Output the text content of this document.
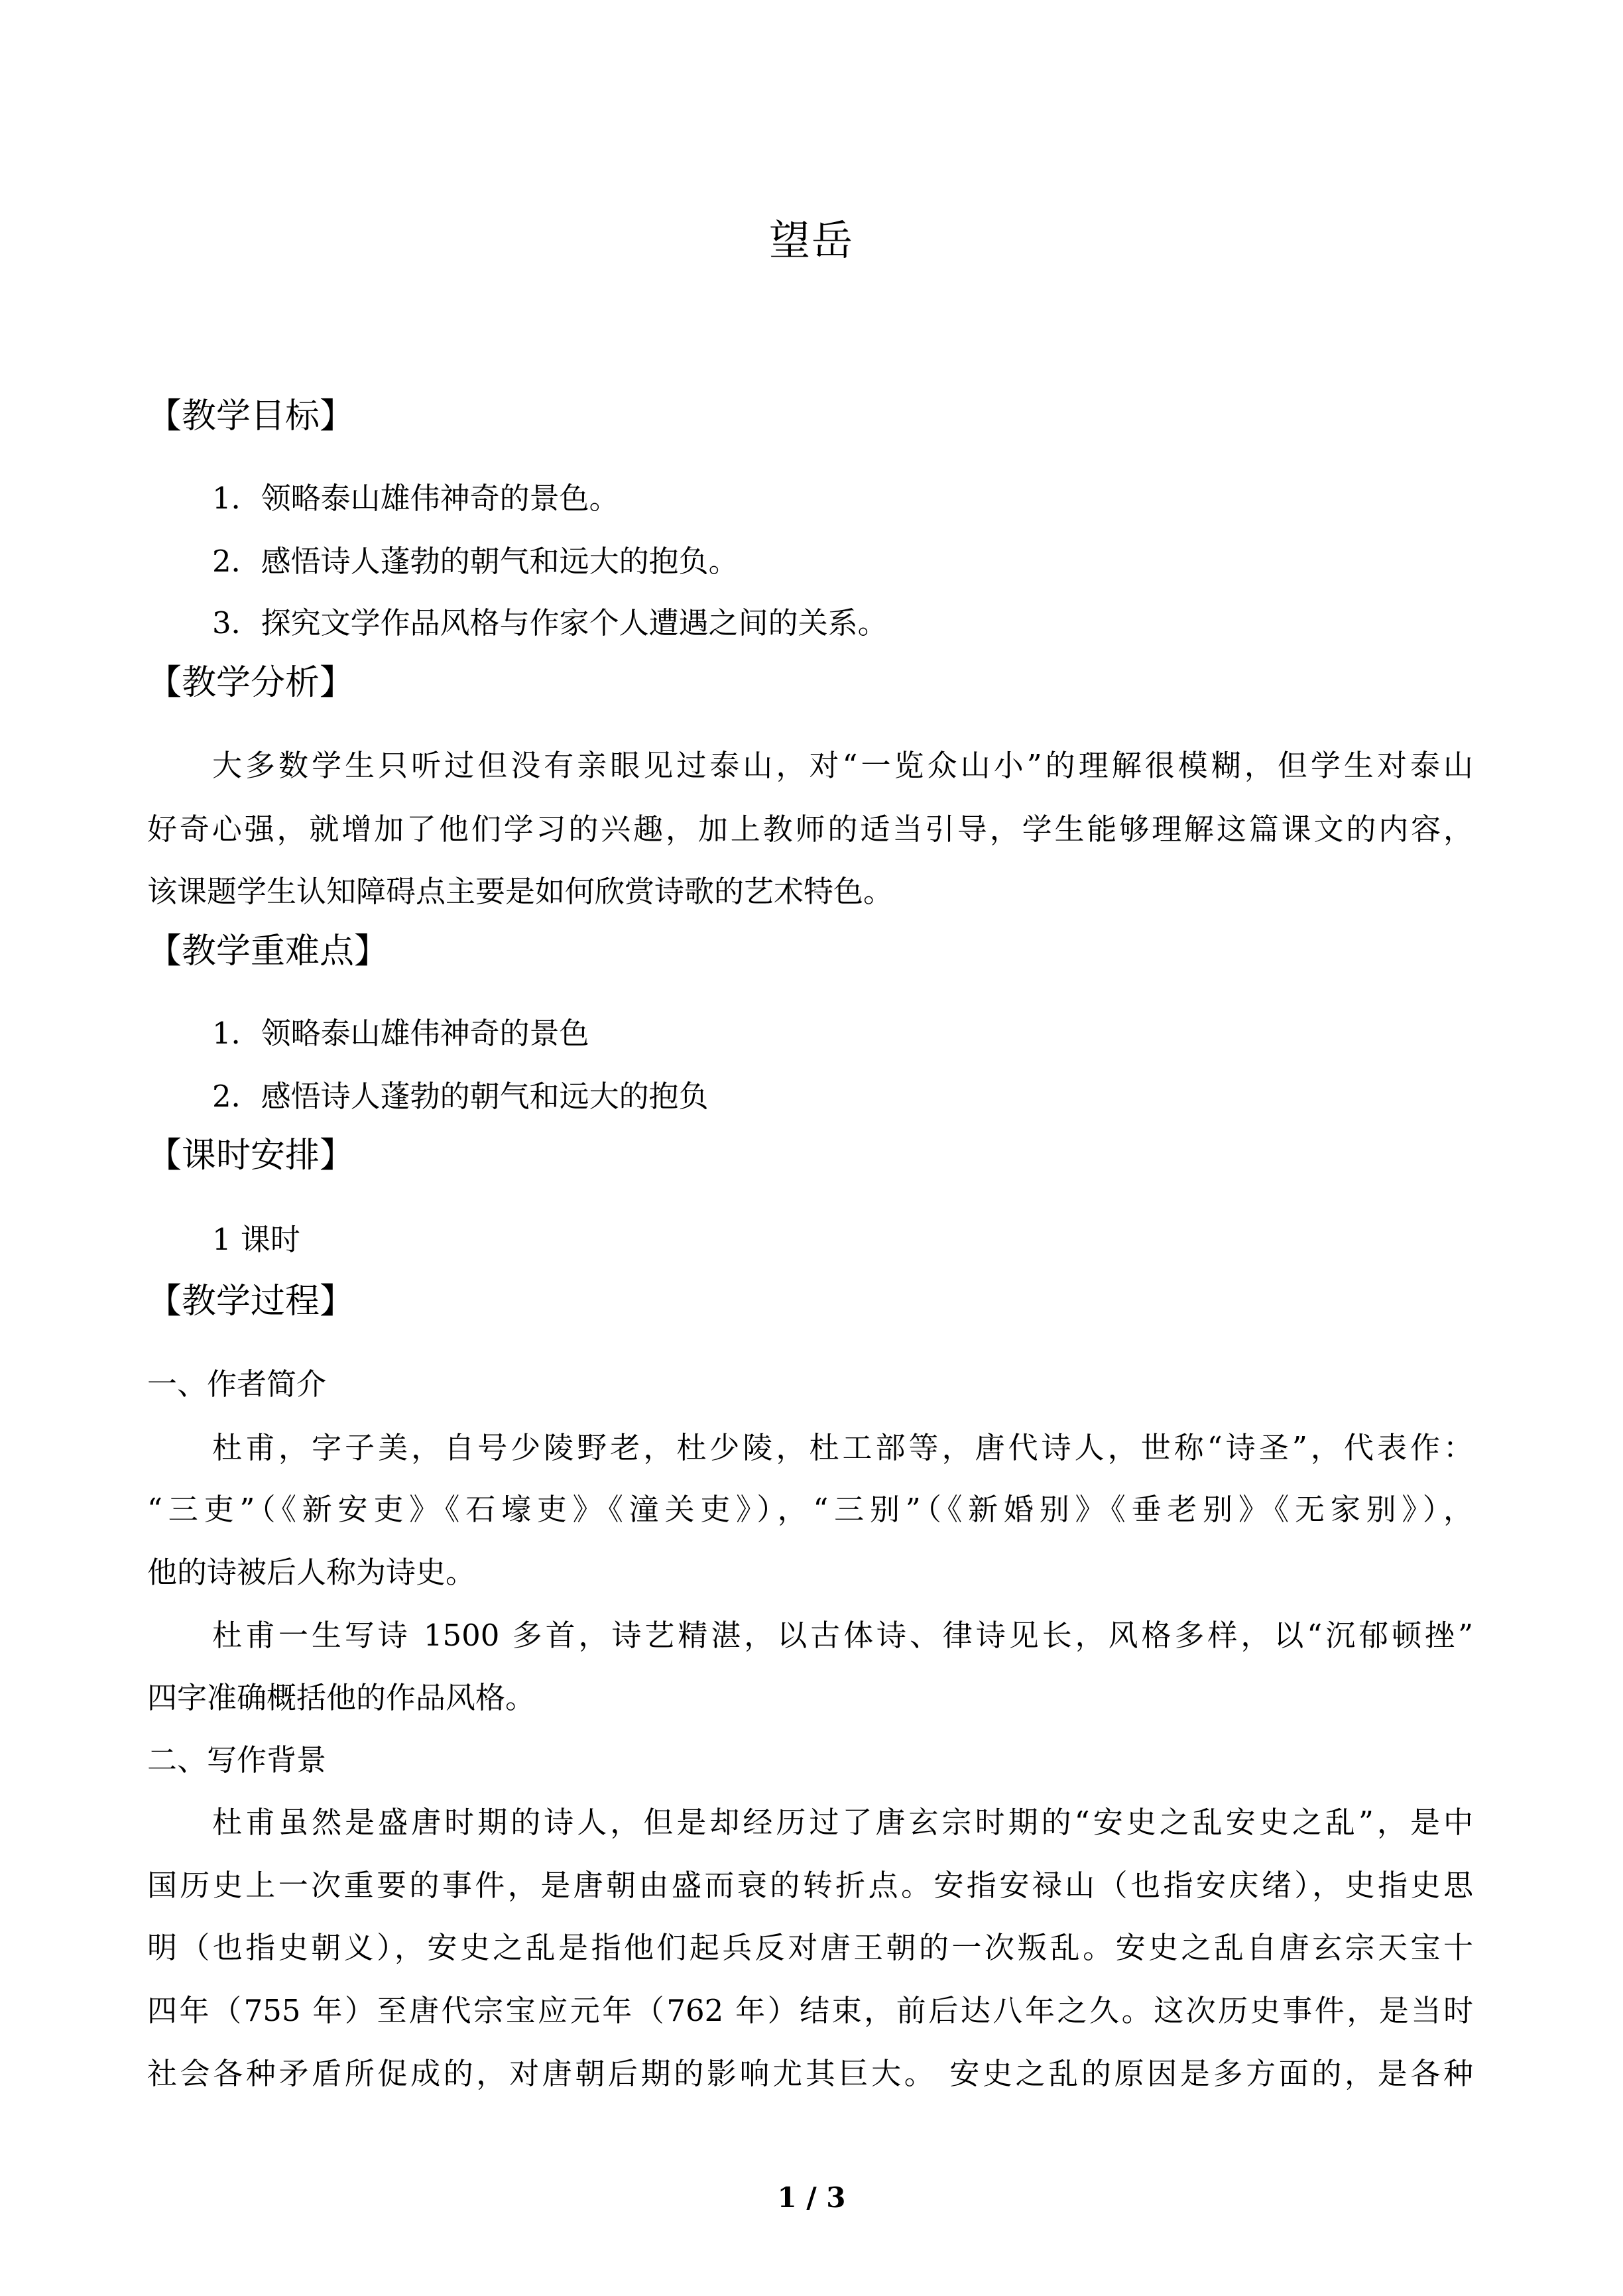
望岳
【教学目标】
1．领略泰山雄伟神奇的景色。
2．感悟诗人蓬勃的朝气和远大的抱负。
3．探究文学作品风格与作家个人遭遇之间的关系。
【教学分析】
大多数学生只听过但没有亲眼见过泰山，对“一览众山小”的理解很模糊，但学生对泰山
好奇心强，就增加了他们学习的兴趣，加上教师的适当引导，学生能够理解这篇课文的内容，
该课题学生认知障碍点主要是如何欣赏诗歌的艺术特色。
【教学重难点】
1．领略泰山雄伟神奇的景色
2．感悟诗人蓬勃的朝气和远大的抱负
【课时安排】
1 课时
【教学过程】
一、作者简介
杜甫，字子美，自号少陵野老，杜少陵，杜工部等，唐代诗人，世称“诗圣”，代表作：
“三吏”（《新安吏》《石壕吏》《潼关吏》），“三别”（《新婚别》《垂老别》《无家别》），
他的诗被后人称为诗史。
杜甫一生写诗 1500 多首，诗艺精湛，以古体诗、律诗见长，风格多样，以“沉郁顿挫”
四字准确概括他的作品风格。
二、写作背景
杜甫虽然是盛唐时期的诗人，但是却经历过了唐玄宗时期的“安史之乱安史之乱”，是中
国历史上一次重要的事件，是唐朝由盛而衰的转折点。安指安禄山（也指安庆绪），史指史思
明（也指史朝义），安史之乱是指他们起兵反对唐王朝的一次叛乱。安史之乱自唐玄宗天宝十
四年（755 年）至唐代宗宝应元年（762 年）结束，前后达八年之久。这次历史事件，是当时
社会各种矛盾所促成的，对唐朝后期的影响尤其巨大。 安史之乱的原因是多方面的，是各种
1 / 3
